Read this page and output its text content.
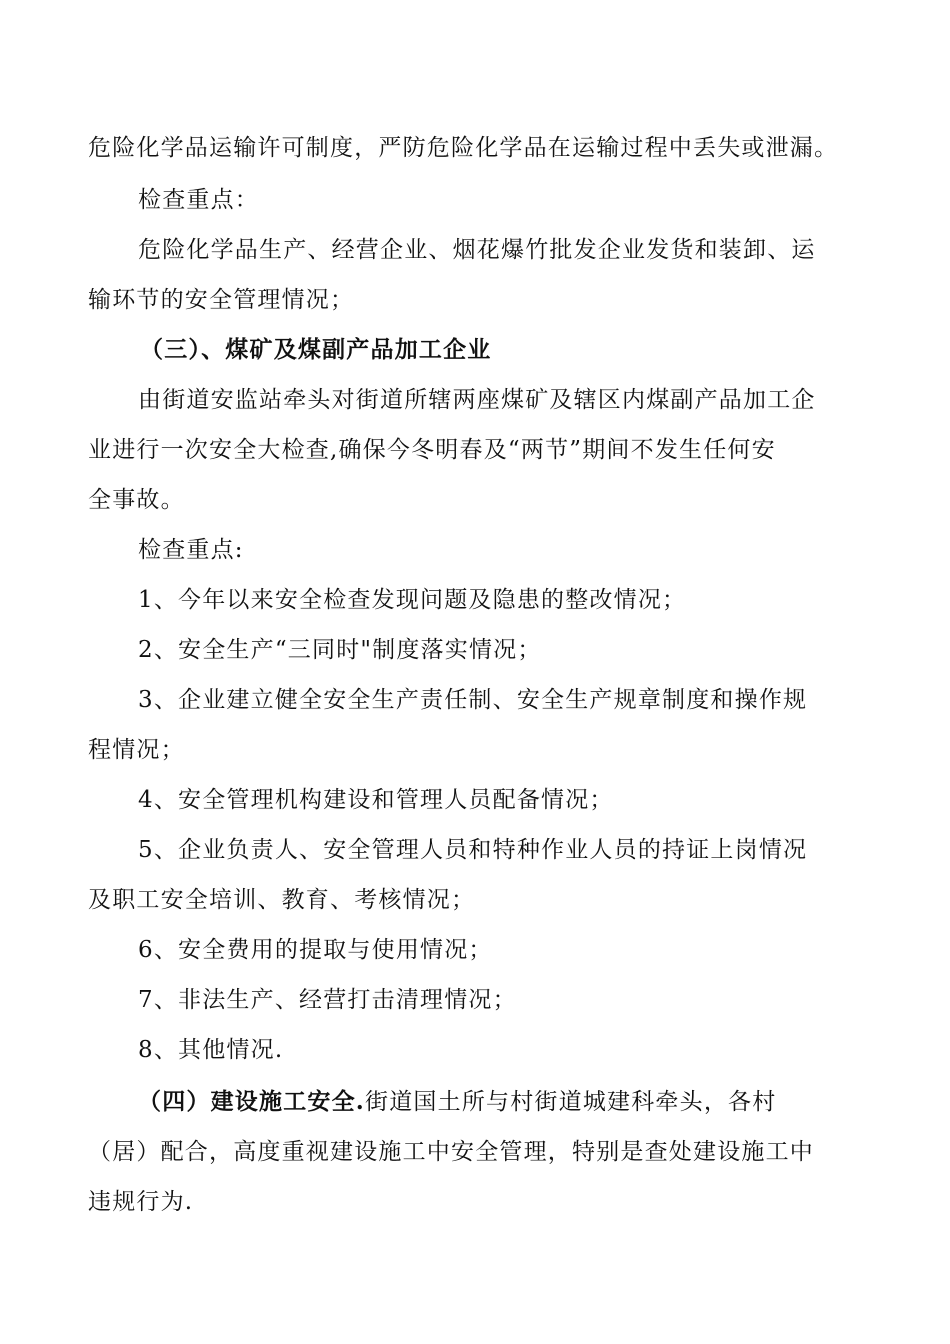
危险化学品运输许可制度，严防危险化学品在运输过程中丢失或泄漏。
检查重点：
危险化学品生产、经营企业、烟花爆竹批发企业发货和装卸、运
输环节的安全管理情况；
（三）、煤矿及煤副产品加工企业
由街道安监站牵头对街道所辖两座煤矿及辖区内煤副产品加工企
业进行一次安全大检查,确保今冬明春及“两节”期间不发生任何安
全事故。
检查重点:
1、今年以来安全检查发现问题及隐患的整改情况；
2、安全生产“三同时"制度落实情况；
3、企业建立健全安全生产责任制、安全生产规章制度和操作规
程情况；
4、安全管理机构建设和管理人员配备情况；
5、企业负责人、安全管理人员和特种作业人员的持证上岗情况
及职工安全培训、教育、考核情况；
6、安全费用的提取与使用情况；
7、非法生产、经营打击清理情况；
8、其他情况.
（四）建设施工安全.街道国土所与村街道城建科牵头，各村
（居）配合，高度重视建设施工中安全管理，特别是查处建设施工中
违规行为.
